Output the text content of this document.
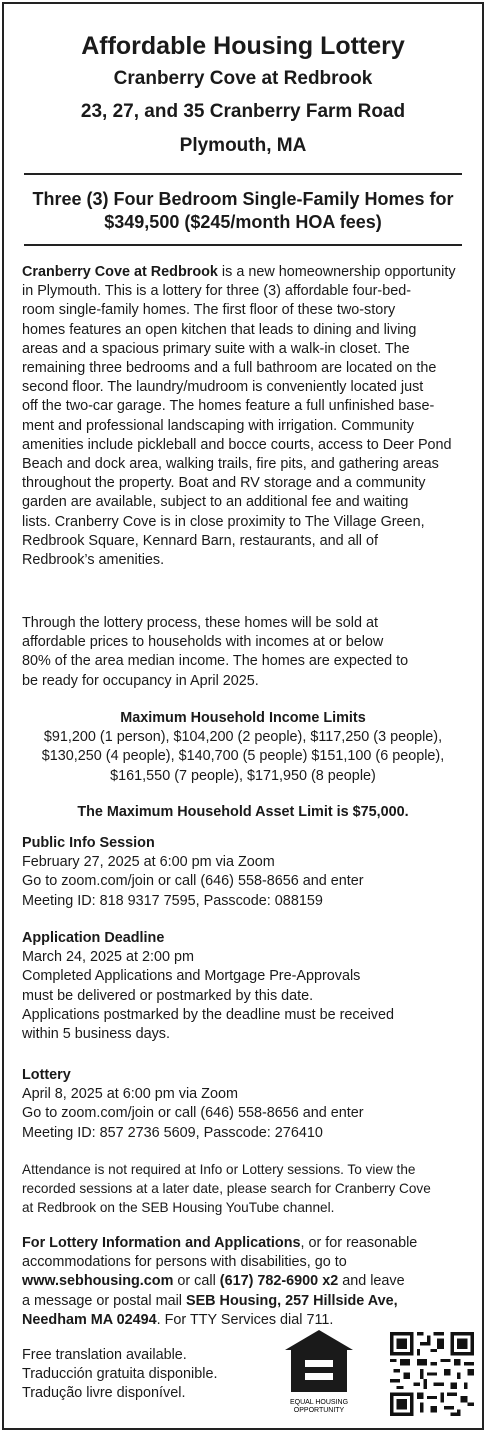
Affordable Housing Lottery
Cranberry Cove at Redbrook
23, 27, and 35 Cranberry Farm Road
Plymouth, MA
Three (3) Four Bedroom Single-Family Homes for
$349,500 ($245/month HOA fees)
Cranberry Cove at Redbrook is a new homeownership opportunity
in Plymouth. This is a lottery for three (3) affordable four-bed-
room single-family homes. The first floor of these two-story
homes features an open kitchen that leads to dining and living
areas and a spacious primary suite with a walk-in closet. The
remaining three bedrooms and a full bathroom are located on the
second floor. The laundry/mudroom is conveniently located just
off the two-car garage. The homes feature a full unfinished base-
ment and professional landscaping with irrigation. Community
amenities include pickleball and bocce courts, access to Deer Pond
Beach and dock area, walking trails, fire pits, and gathering areas
throughout the property. Boat and RV storage and a community
garden are available, subject to an additional fee and waiting
lists. Cranberry Cove is in close proximity to The Village Green,
Redbrook Square, Kennard Barn, restaurants, and all of
Redbrook’s amenities.
Through the lottery process, these homes will be sold at
affordable prices to households with incomes at or below
80% of the area median income. The homes are expected to
be ready for occupancy in April 2025.
Maximum Household Income Limits
$91,200 (1 person), $104,200 (2 people), $117,250 (3 people),
$130,250 (4 people), $140,700 (5 people) $151,100 (6 people),
$161,550 (7 people), $171,950 (8 people)
The Maximum Household Asset Limit is $75,000.
Public Info Session
February 27, 2025 at 6:00 pm via Zoom
Go to zoom.com/join or call (646) 558-8656 and enter
Meeting ID: 818 9317 7595, Passcode: 088159
Application Deadline
March 24, 2025 at 2:00 pm
Completed Applications and Mortgage Pre-Approvals
must be delivered or postmarked by this date.
Applications postmarked by the deadline must be received
within 5 business days.
Lottery
April 8, 2025 at 6:00 pm via Zoom
Go to zoom.com/join or call (646) 558-8656 and enter
Meeting ID: 857 2736 5609, Passcode: 276410
Attendance is not required at Info or Lottery sessions. To view the
recorded sessions at a later date, please search for Cranberry Cove
at Redbrook on the SEB Housing YouTube channel.
For Lottery Information and Applications, or for reasonable
accommodations for persons with disabilities, go to
www.sebhousing.com or call (617) 782-6900 x2 and leave
a message or postal mail SEB Housing, 257 Hillside Ave,
Needham MA 02494. For TTY Services dial 711.
Free translation available.
Traducción gratuita disponible.
Tradução livre disponível.
EQUAL HOUSING
OPPORTUNITY
